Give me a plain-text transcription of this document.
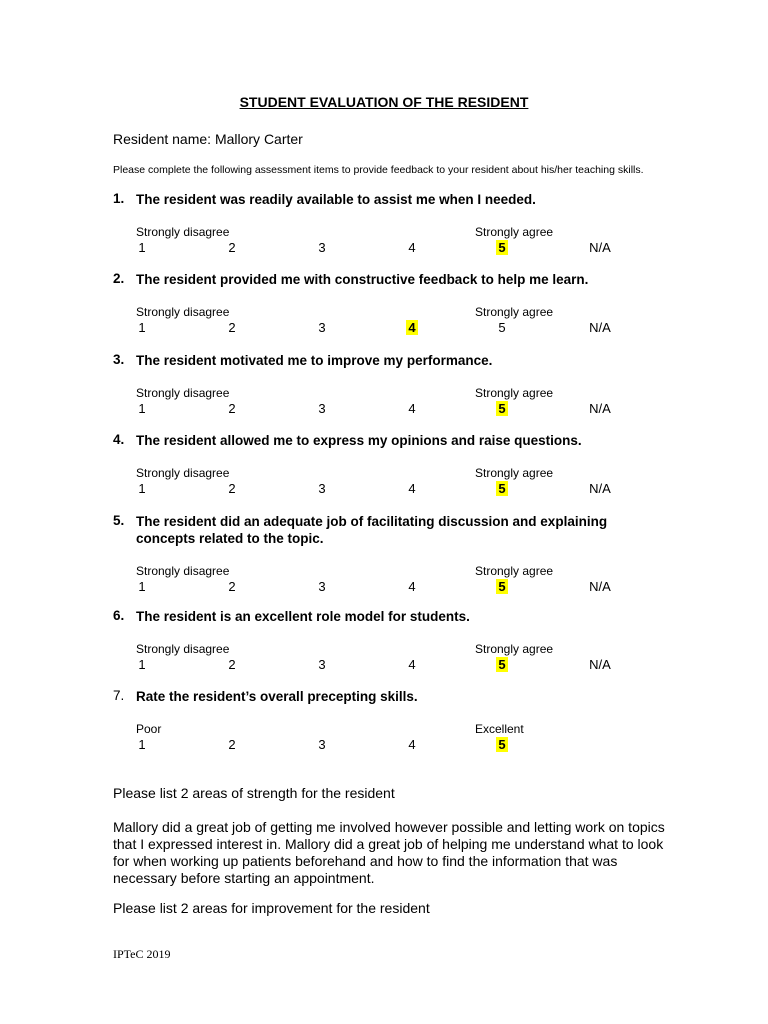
STUDENT EVALUATION OF THE RESIDENT
Resident name: Mallory Carter
Please complete the following assessment items to provide feedback to your resident about his/her teaching skills.
1. The resident was readily available to assist me when I needed.
Strongly disagree	Strongly agree
1	2	3	4	5	N/A
2. The resident provided me with constructive feedback to help me learn.
Strongly disagree	Strongly agree
1	2	3	4	5	N/A
3. The resident motivated me to improve my performance.
Strongly disagree	Strongly agree
1	2	3	4	5	N/A
4. The resident allowed me to express my opinions and raise questions.
Strongly disagree	Strongly agree
1	2	3	4	5	N/A
5. The resident did an adequate job of facilitating discussion and explaining concepts related to the topic.
Strongly disagree	Strongly agree
1	2	3	4	5	N/A
6. The resident is an excellent role model for students.
Strongly disagree	Strongly agree
1	2	3	4	5	N/A
7. Rate the resident’s overall precepting skills.
Poor	Excellent
1	2	3	4	5
Please list 2 areas of strength for the resident
Mallory did a great job of getting me involved however possible and letting work on topics that I expressed interest in. Mallory did a great job of helping me understand what to look for when working up patients beforehand and how to find the information that was necessary before starting an appointment.
Please list 2 areas for improvement for the resident
IPTeC 2019
